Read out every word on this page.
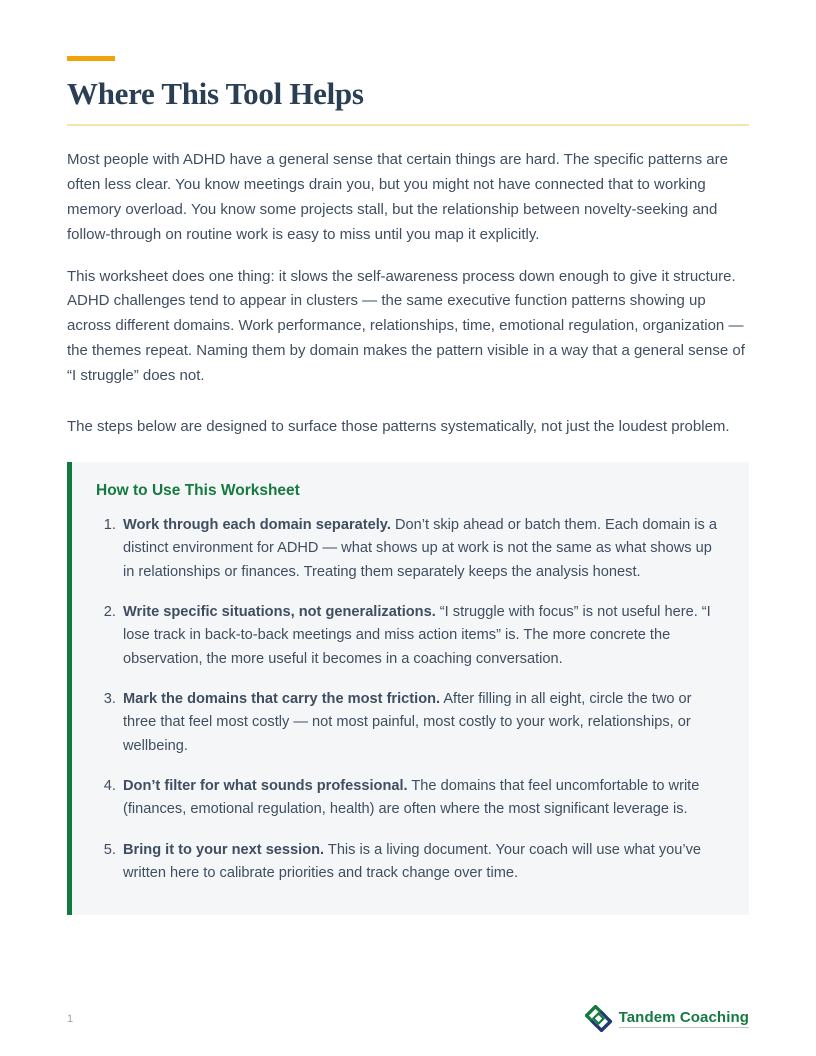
Where This Tool Helps

Most people with ADHD have a general sense that certain things are hard. The specific patterns are often less clear. You know meetings drain you, but you might not have connected that to working memory overload. You know some projects stall, but the relationship between novelty-seeking and follow-through on routine work is easy to miss until you map it explicitly.

This worksheet does one thing: it slows the self-awareness process down enough to give it structure. ADHD challenges tend to appear in clusters — the same executive function patterns showing up across different domains. Work performance, relationships, time, emotional regulation, organization — the themes repeat. Naming them by domain makes the pattern visible in a way that a general sense of “I struggle” does not.

The steps below are designed to surface those patterns systematically, not just the loudest problem.

How to Use This Worksheet
1. Work through each domain separately. Don’t skip ahead or batch them. Each domain is a distinct environment for ADHD — what shows up at work is not the same as what shows up in relationships or finances. Treating them separately keeps the analysis honest.
2. Write specific situations, not generalizations. “I struggle with focus” is not useful here. “I lose track in back-to-back meetings and miss action items” is. The more concrete the observation, the more useful it becomes in a coaching conversation.
3. Mark the domains that carry the most friction. After filling in all eight, circle the two or three that feel most costly — not most painful, most costly to your work, relationships, or wellbeing.
4. Don’t filter for what sounds professional. The domains that feel uncomfortable to write (finances, emotional regulation, health) are often where the most significant leverage is.
5. Bring it to your next session. This is a living document. Your coach will use what you’ve written here to calibrate priorities and track change over time.
1	Tandem Coaching
